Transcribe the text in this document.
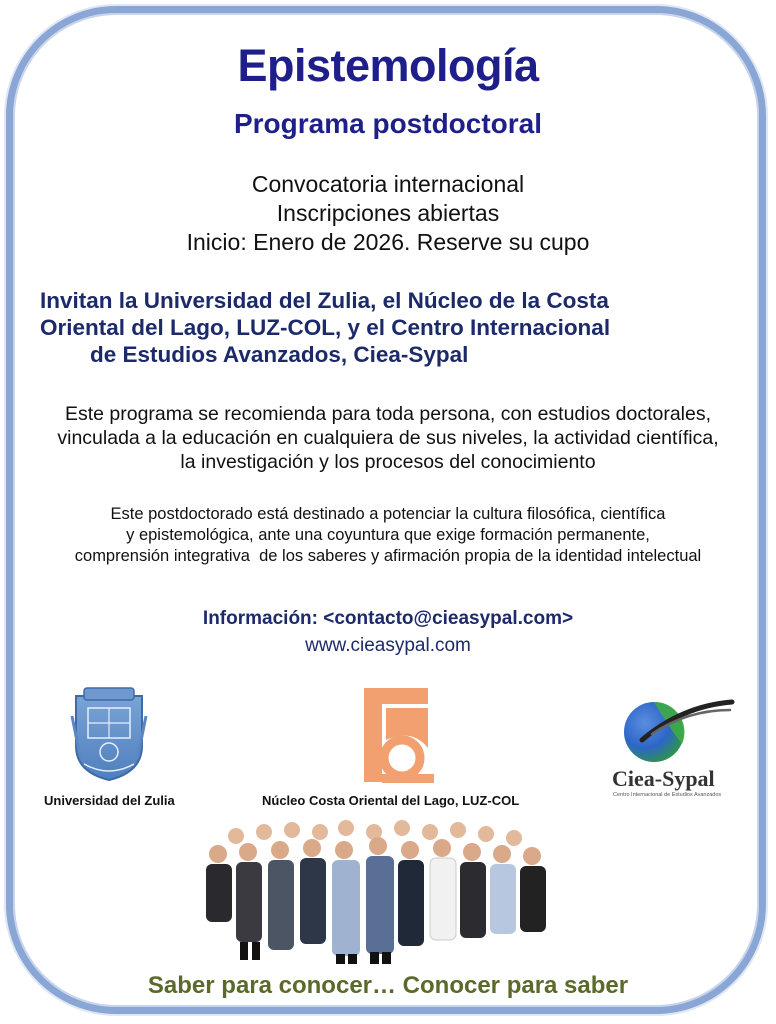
Epistemología
Programa postdoctoral
Convocatoria internacional
Inscripciones abiertas
Inicio: Enero de 2026. Reserve su cupo
Invitan la Universidad del Zulia, el Núcleo de la Costa
Oriental del Lago, LUZ-COL, y el Centro Internacional
de Estudios Avanzados, Ciea-Sypal
Este programa se recomienda para toda persona, con estudios doctorales,
vinculada a la educación en cualquiera de sus niveles, la actividad científica,
la investigación y los procesos del conocimiento
Este postdoctorado está destinado a potenciar la cultura filosófica, científica
y epistemológica, ante una coyuntura que exige formación permanente,
comprensión integrativa  de los saberes y afirmación propia de la identidad intelectual
Información: <contacto@cieasypal.com>
www.cieasypal.com
Ciea-Sypal
Centro Internacional de Estudios Avanzados
Universidad del Zulia	Núcleo Costa Oriental del Lago, LUZ-COL
Saber para conocer… Conocer para saber
